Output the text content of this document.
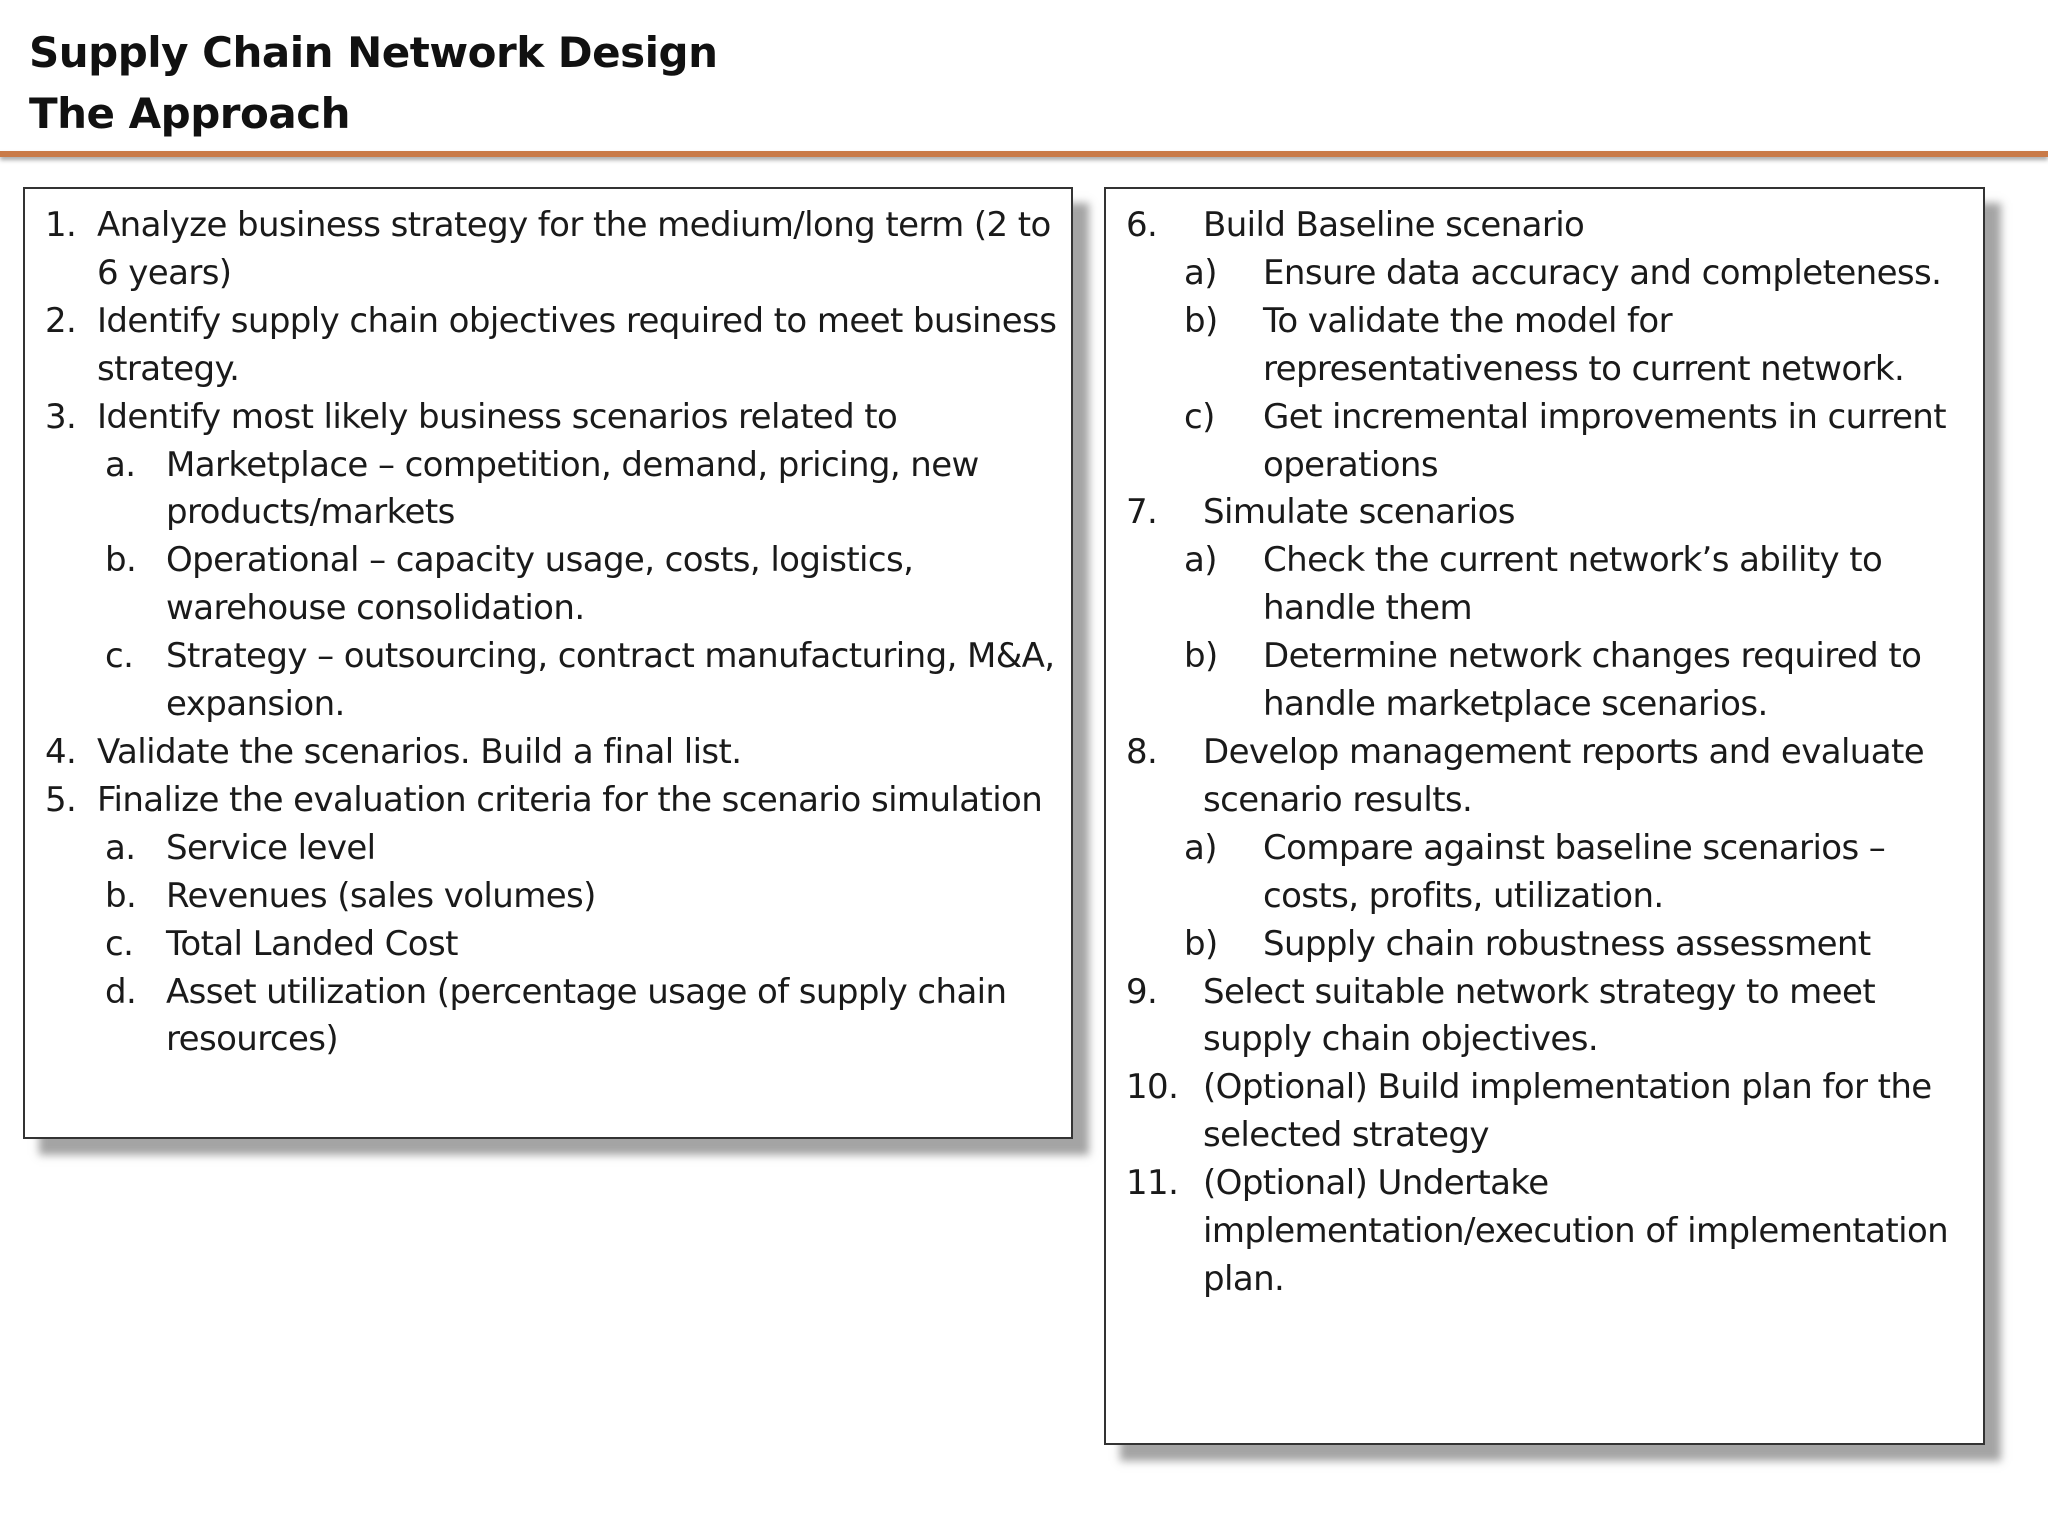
Supply Chain Network Design
The Approach
1. Analyze business strategy for the medium/long term (2 to
6 years)
2. Identify supply chain objectives required to meet business
strategy.
3. Identify most likely business scenarios related to
a. Marketplace – competition, demand, pricing, new
products/markets
b. Operational – capacity usage, costs, logistics,
warehouse consolidation.
c. Strategy – outsourcing, contract manufacturing, M&A,
expansion.
4. Validate the scenarios. Build a final list.
5. Finalize the evaluation criteria for the scenario simulation
a. Service level
b. Revenues (sales volumes)
c. Total Landed Cost
d. Asset utilization (percentage usage of supply chain
resources)
6. Build Baseline scenario
a) Ensure data accuracy and completeness.
b) To validate the model for
representativeness to current network.
c) Get incremental improvements in current
operations
7. Simulate scenarios
a) Check the current network’s ability to
handle them
b) Determine network changes required to
handle marketplace scenarios.
8. Develop management reports and evaluate
scenario results.
a) Compare against baseline scenarios –
costs, profits, utilization.
b) Supply chain robustness assessment
9. Select suitable network strategy to meet
supply chain objectives.
10. (Optional) Build implementation plan for the
selected strategy
11. (Optional) Undertake
implementation/execution of implementation
plan.
